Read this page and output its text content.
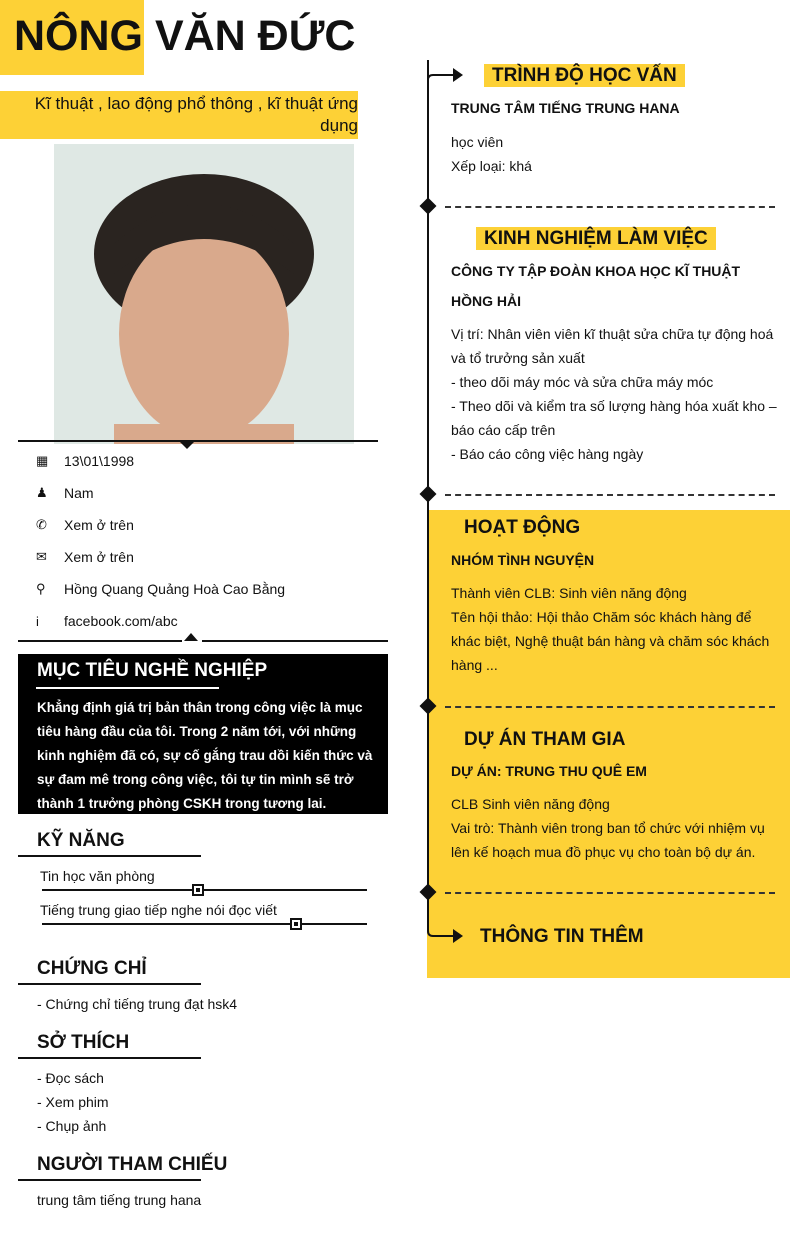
NÔNG VĂN ĐỨC
Kĩ thuật , lao động phổ thông , kĩ thuật ứng dụng
▦	13\01\1998
♟	Nam
✆	Xem ở trên
✉	Xem ở trên
⚲	Hồng Quang Quảng Hoà Cao Bằng
i	facebook.com/abc
MỤC TIÊU NGHỀ NGHIỆP

Khẳng định giá trị bản thân trong công việc là mục tiêu hàng đầu của tôi. Trong 2 năm tới, với những kinh nghiệm đã có, sự cố gắng trau dồi kiến thức và sự đam mê trong công việc, tôi tự tin mình sẽ trở thành 1 trưởng phòng CSKH trong tương lai.

KỸ NĂNG
Tin học văn phòng
Tiếng trung giao tiếp nghe nói đọc viết
CHỨNG CHỈ
- Chứng chỉ tiếng trung đạt hsk4
SỞ THÍCH
- Đọc sách
- Xem phim
- Chụp ảnh
NGƯỜI THAM CHIẾU
trung tâm tiếng trung hana
TRÌNH ĐỘ HỌC VẤN
TRUNG TÂM TIẾNG TRUNG HANA
học viên
Xếp loại: khá
KINH NGHIỆM LÀM VIỆC
CÔNG TY TẬP ĐOÀN KHOA HỌC KĨ THUẬT
HỒNG HẢI
Vị trí: Nhân viên viên kĩ thuật sửa chữa tự động hoá và tổ trưởng sản xuất
- theo dõi máy móc và sửa chữa máy móc
- Theo dõi và kiểm tra số lượng hàng hóa xuất kho – báo cáo cấp trên
- Báo cáo công việc hàng ngày
HOẠT ĐỘNG
NHÓM TÌNH NGUYỆN
Thành viên CLB: Sinh viên năng động
Tên hội thảo: Hội thảo Chăm sóc khách hàng để khác biệt, Nghệ thuật bán hàng và chăm sóc khách hàng ...
DỰ ÁN THAM GIA
DỰ ÁN: TRUNG THU QUÊ EM
CLB Sinh viên năng động
Vai trò: Thành viên trong ban tổ chức với nhiệm vụ lên kế hoạch mua đồ phục vụ cho toàn bộ dự án.
THÔNG TIN THÊM
